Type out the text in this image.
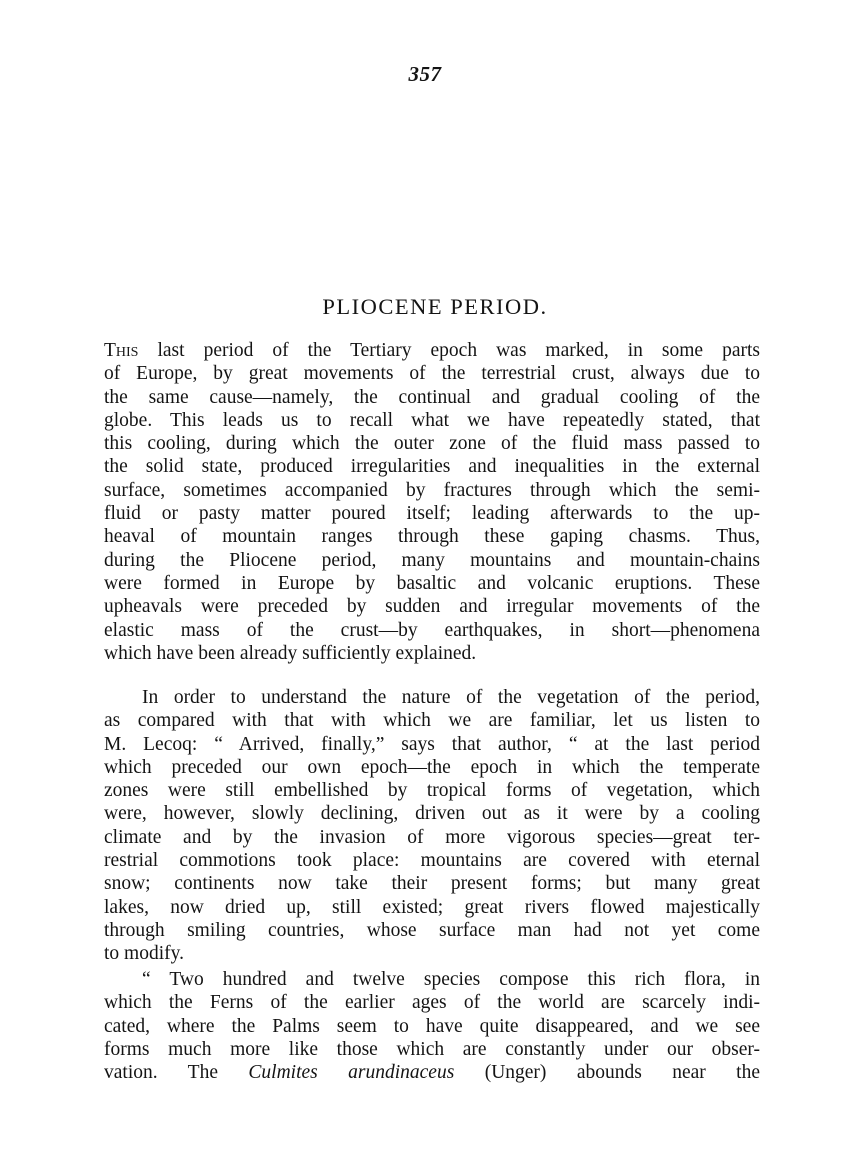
357
PLIOCENE PERIOD.
This last period of the Tertiary epoch was marked, in some parts
of Europe, by great movements of the terrestrial crust, always due to
the same cause—namely, the continual and gradual cooling of the
globe. This leads us to recall what we have repeatedly stated, that
this cooling, during which the outer zone of the fluid mass passed to
the solid state, produced irregularities and inequalities in the external
surface, sometimes accompanied by fractures through which the semi-
fluid or pasty matter poured itself; leading afterwards to the up-
heaval of mountain ranges through these gaping chasms. Thus,
during the Pliocene period, many mountains and mountain-chains
were formed in Europe by basaltic and volcanic eruptions. These
upheavals were preceded by sudden and irregular movements of the
elastic mass of the crust—by earthquakes, in short—phenomena
which have been already sufficiently explained.
In order to understand the nature of the vegetation of the period,
as compared with that with which we are familiar, let us listen to
M. Lecoq: “ Arrived, finally,” says that author, “ at the last period
which preceded our own epoch—the epoch in which the temperate
zones were still embellished by tropical forms of vegetation, which
were, however, slowly declining, driven out as it were by a cooling
climate and by the invasion of more vigorous species—great ter-
restrial commotions took place: mountains are covered with eternal
snow; continents now take their present forms; but many great
lakes, now dried up, still existed; great rivers flowed majestically
through smiling countries, whose surface man had not yet come
to modify.
“ Two hundred and twelve species compose this rich flora, in
which the Ferns of the earlier ages of the world are scarcely indi-
cated, where the Palms seem to have quite disappeared, and we see
forms much more like those which are constantly under our obser-
vation. The Culmites arundinaceus (Unger) abounds near the
